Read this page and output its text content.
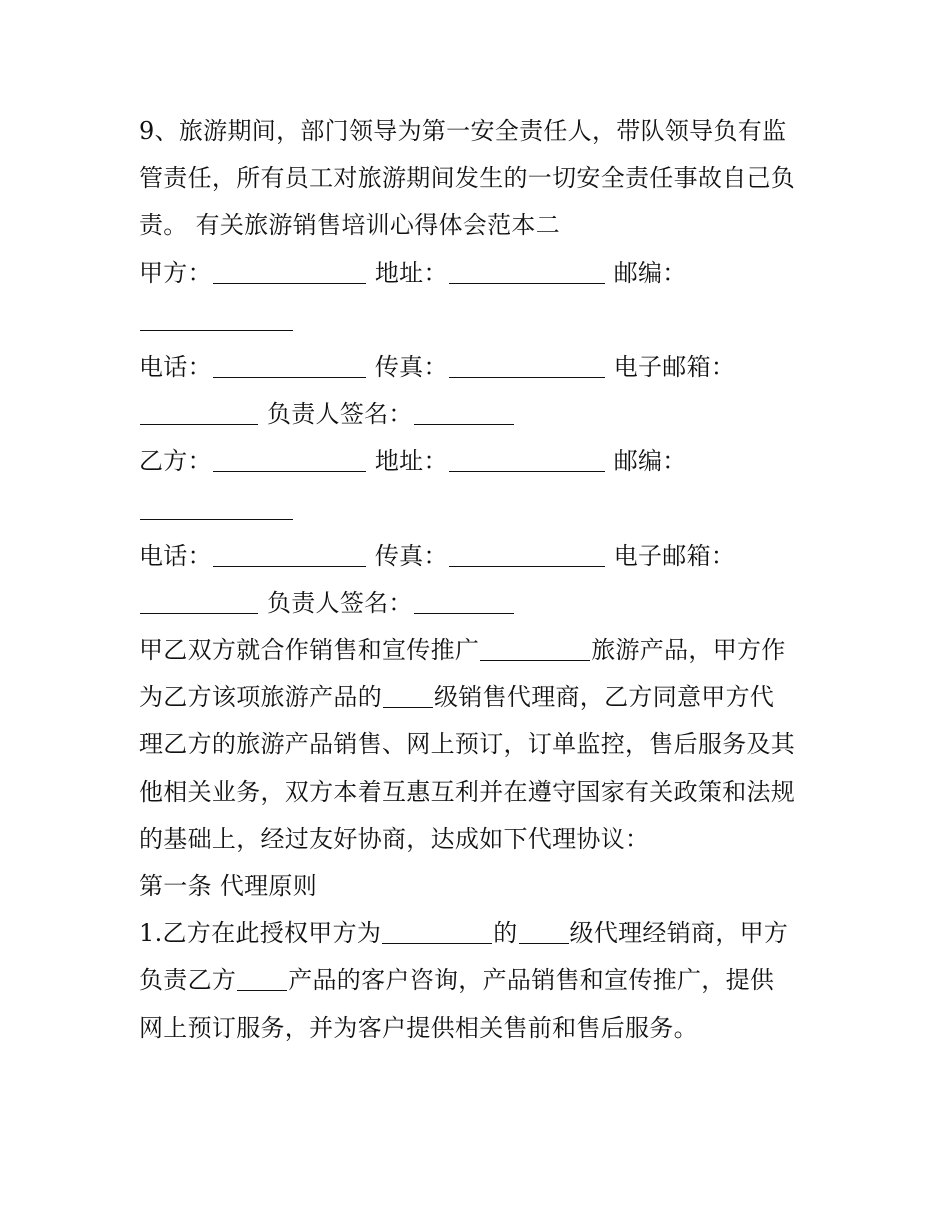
9、旅游期间，部门领导为第一安全责任人，带队领导负有监
管责任，所有员工对旅游期间发生的一切安全责任事故自己负
责。 有关旅游销售培训心得体会范本二
甲方：	地址：	邮编：
电话：	传真：	电子邮箱：
负责人签名：
乙方：	地址：	邮编：
电话：	传真：	电子邮箱：
负责人签名：
甲乙双方就合作销售和宣传推广	旅游产品，甲方作
为乙方该项旅游产品的 级销售代理商，乙方同意甲方代
理乙方的旅游产品销售、网上预订，订单监控，售后服务及其
他相关业务，双方本着互惠互利并在遵守国家有关政策和法规
的基础上，经过友好协商，达成如下代理协议：
第一条 代理原则
1.乙方在此授权甲方为	的 级代理经销商，甲方
负责乙方 产品的客户咨询，产品销售和宣传推广，提供
网上预订服务，并为客户提供相关售前和售后服务。
